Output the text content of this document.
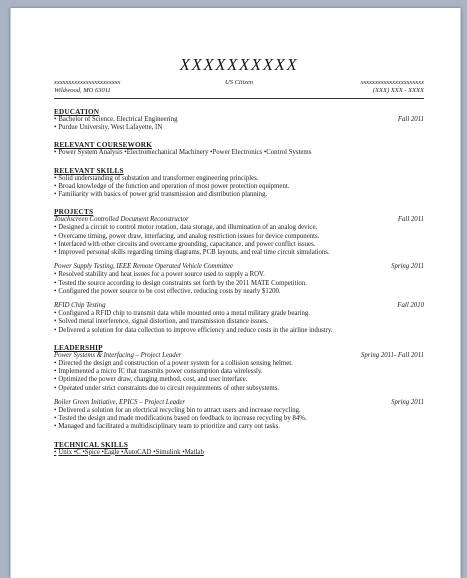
XXXXXXXXXX
xxxxxxxxxxxxxxxxxxxxxxx
Wildwood, MO 63011
US Citizen	xxxxxxxxxxxxxxxxxxxxxx
(XXX) XXX - XXXX
EDUCATION
• Bachelor of Science, Electrical Engineering	Fall 2011
• Purdue University, West Lafayette, IN
RELEVANT COURSEWORK
• Power System Analysis • Electromechanical Machinery • Power Electronics • Control Systems
RELEVANT SKILLS
• Solid understanding of substation and transformer engineering principles.
• Broad knowledge of the function and operation of most power protection equipment.
• Familiarity with basics of power grid transmission and distribution planning.
PROJECTS
Touchscreen Controlled Document Reconstructor	Fall 2011
• Designed a circuit to control motor rotation, data storage, and illumination of an analog device.
• Overcame timing, power draw, interfacing, and analog restriction issues for device components.
• Interfaced with other circuits and overcame grounding, capacitance, and power conflict issues.
• Improved personal skills regarding timing diagrams, PCB layouts, and real time circuit simulations.
Power Supply Testing, IEEE Remote Operated Vehicle Committee	Spring 2011
• Resolved stability and heat issues for a power source used to supply a ROV.
• Tested the source according to design constraints set forth by the 2011 MATE Competition.
• Configured the power source to be cost effective, reducing costs by nearly $1200.
RFID Chip Testing	Fall 2010
• Configured a RFID chip to transmit data while mounted onto a metal military grade bearing.
• Solved metal interference, signal distortion, and transmission distance issues.
• Delivered a solution for data collection to improve efficiency and reduce costs in the airline industry.
LEADERSHIP
Power Systems & Interfacing – Project Leader	Spring 2011- Fall 2011
• Directed the design and construction of a power system for a collision sensing helmet.
• Implemented a micro IC that transmits power consumption data wirelessly.
• Optimized the power draw, charging method, cost, and user interface.
• Operated under strict constraints due to circuit requirements of other subsystems.
Boiler Green Initiative, EPICS – Project Leader	Spring 2011
• Delivered a solution for an electrical recycling bin to attract users and increase recycling.
• Tested the design and made modifications based on feedback to increase recycling by 84%.
• Managed and facilitated a multidisciplinary team to prioritize and carry out tasks.
TECHNICAL SKILLS
• Unix • C • Spice • Eagle • AutoCAD • Simulink • Matlab
